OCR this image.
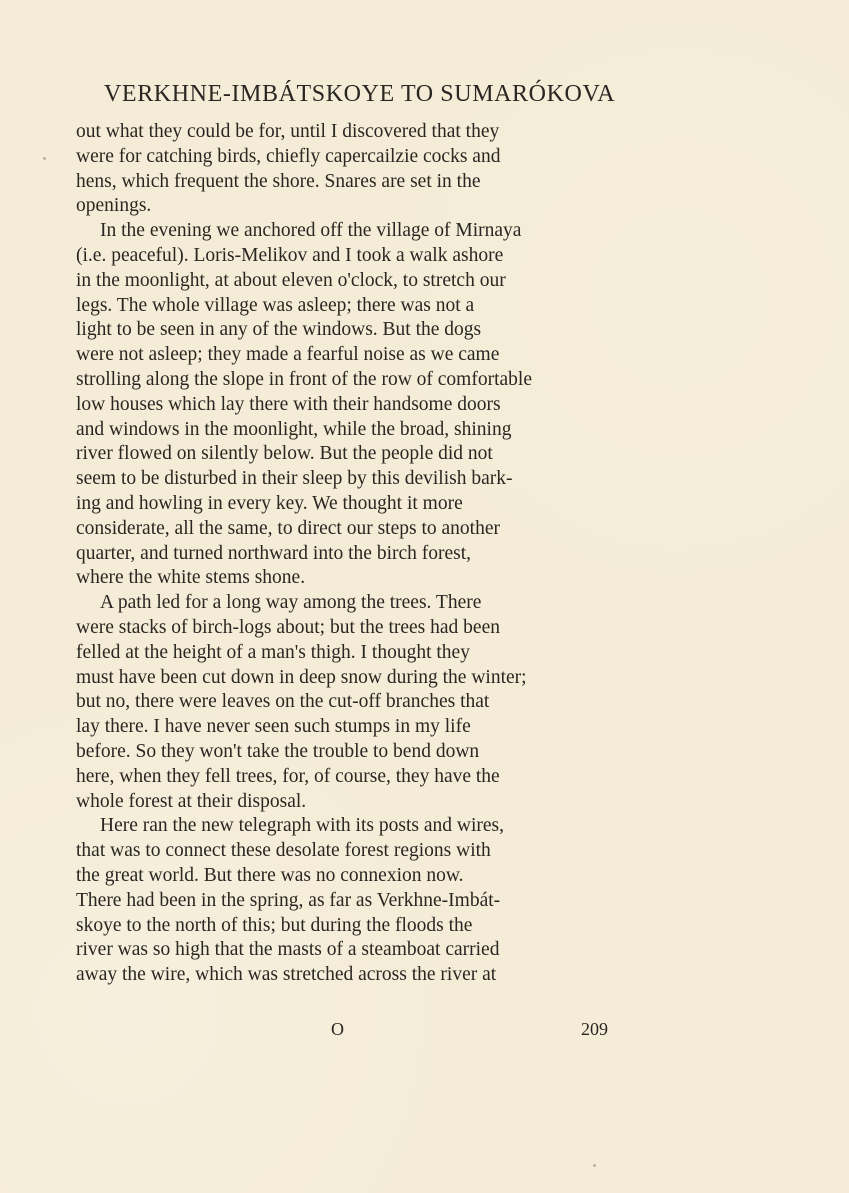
VERKHNE-IMBÁTSKOYE TO SUMARÓKOVA
out what they could be for, until I discovered that they
were for catching birds, chiefly capercailzie cocks and
hens, which frequent the shore. Snares are set in the
openings.
In the evening we anchored off the village of Mirnaya
(i.e. peaceful). Loris-Melikov and I took a walk ashore
in the moonlight, at about eleven o'clock, to stretch our
legs. The whole village was asleep; there was not a
light to be seen in any of the windows. But the dogs
were not asleep; they made a fearful noise as we came
strolling along the slope in front of the row of comfortable
low houses which lay there with their handsome doors
and windows in the moonlight, while the broad, shining
river flowed on silently below. But the people did not
seem to be disturbed in their sleep by this devilish bark-
ing and howling in every key. We thought it more
considerate, all the same, to direct our steps to another
quarter, and turned northward into the birch forest,
where the white stems shone.
A path led for a long way among the trees. There
were stacks of birch-logs about; but the trees had been
felled at the height of a man's thigh. I thought they
must have been cut down in deep snow during the winter;
but no, there were leaves on the cut-off branches that
lay there. I have never seen such stumps in my life
before. So they won't take the trouble to bend down
here, when they fell trees, for, of course, they have the
whole forest at their disposal.
Here ran the new telegraph with its posts and wires,
that was to connect these desolate forest regions with
the great world. But there was no connexion now.
There had been in the spring, as far as Verkhne-Imbát-
skoye to the north of this; but during the floods the
river was so high that the masts of a steamboat carried
away the wire, which was stretched across the river at
O	209
